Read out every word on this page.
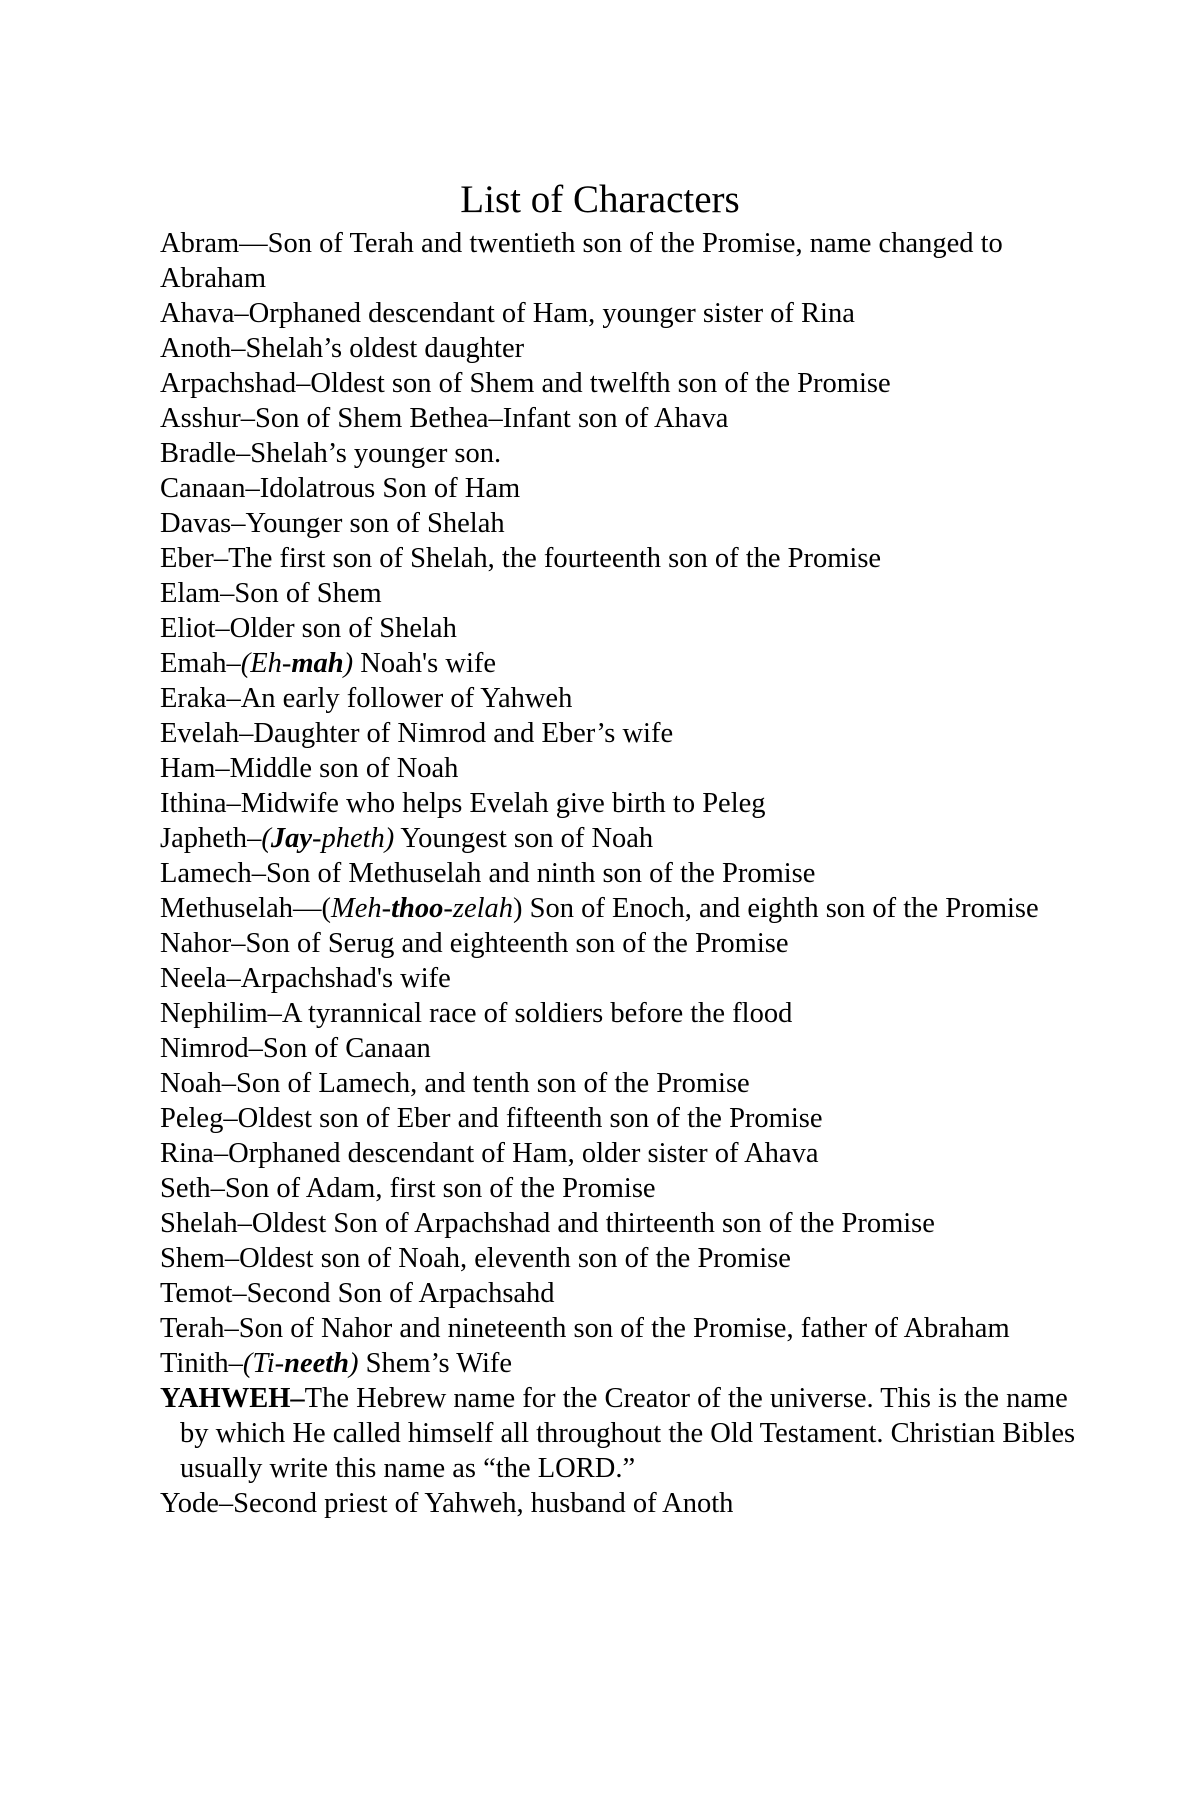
List of Characters
Abram—Son of Terah and twentieth son of the Promise, name changed to Abraham
Ahava–Orphaned descendant of Ham, younger sister of Rina
Anoth–Shelah’s oldest daughter
Arpachshad–Oldest son of Shem and twelfth son of the Promise
Asshur–Son of Shem Bethea–Infant son of Ahava
Bradle–Shelah’s younger son.
Canaan–Idolatrous Son of Ham
Davas–Younger son of Shelah
Eber–The first son of Shelah, the fourteenth son of the Promise
Elam–Son of Shem
Eliot–Older son of Shelah
Emah–(Eh-mah) Noah's wife
Eraka–An early follower of Yahweh
Evelah–Daughter of Nimrod and Eber’s wife
Ham–Middle son of Noah
Ithina–Midwife who helps Evelah give birth to Peleg
Japheth–(Jay-pheth) Youngest son of Noah
Lamech–Son of Methuselah and ninth son of the Promise
Methuselah—(Meh-thoo-zelah) Son of Enoch, and eighth son of the Promise
Nahor–Son of Serug and eighteenth son of the Promise
Neela–Arpachshad's wife
Nephilim–A tyrannical race of soldiers before the flood
Nimrod–Son of Canaan
Noah–Son of Lamech, and tenth son of the Promise
Peleg–Oldest son of Eber and fifteenth son of the Promise
Rina–Orphaned descendant of Ham, older sister of Ahava
Seth–Son of Adam, first son of the Promise
Shelah–Oldest Son of Arpachshad and thirteenth son of the Promise
Shem–Oldest son of Noah, eleventh son of the Promise
Temot–Second Son of Arpachsahd
Terah–Son of Nahor and nineteenth son of the Promise, father of Abraham
Tinith–(Ti-neeth) Shem’s Wife
YAHWEH–The Hebrew name for the Creator of the universe. This is the name by which He called himself all throughout the Old Testament. Christian Bibles usually write this name as “the LORD.”
Yode–Second priest of Yahweh, husband of Anoth
